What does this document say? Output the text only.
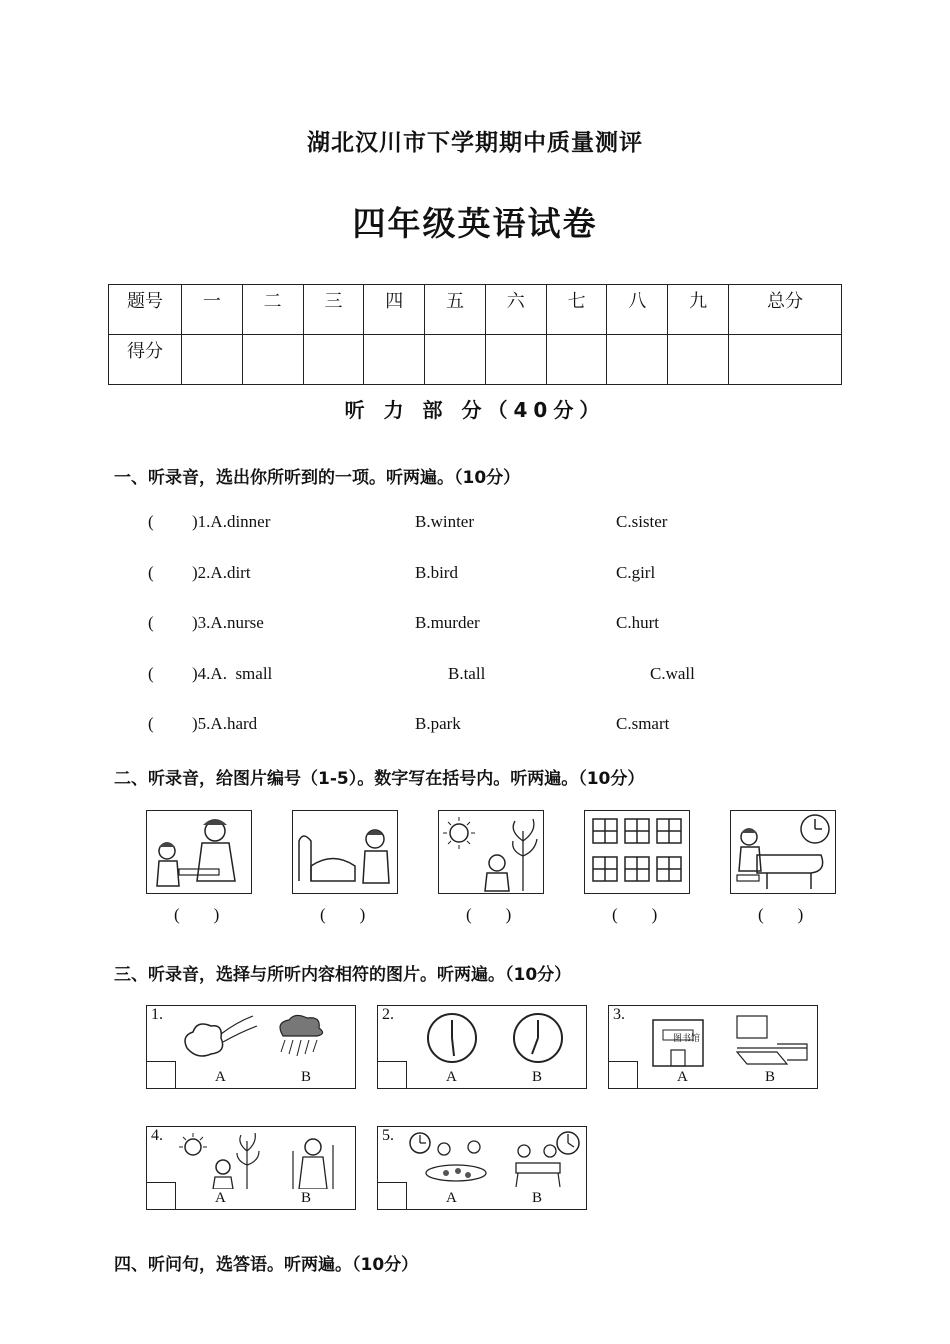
湖北汉川市下学期期中质量测评
四年级英语试卷
题号	一	二	三	四	五	六	七	八	九	总分
得分										
听 力 部 分（40分）
一、听录音，选出你所听到的一项。听两遍。（10分）
( )1.A.dinner	B.winter	C.sister
( )2.A.dirt	B.bird	C.girl
( )3.A.nurse	B.murder	C.hurt
( )4.A.  small	B.tall	C.wall
( )5.A.hard	B.park	C.smart
二、听录音，给图片编号（1-5）。数字写在括号内。听两遍。（10分）
(        )	(        )	(        )	(        )	(        )
三、听录音，选择与所听内容相符的图片。听两遍。（10分）
1.
A	B
2.
A	B
3.
图书馆
A	B
4.
A	B
5.
A	B
四、听问句，选答语。听两遍。（10分）
